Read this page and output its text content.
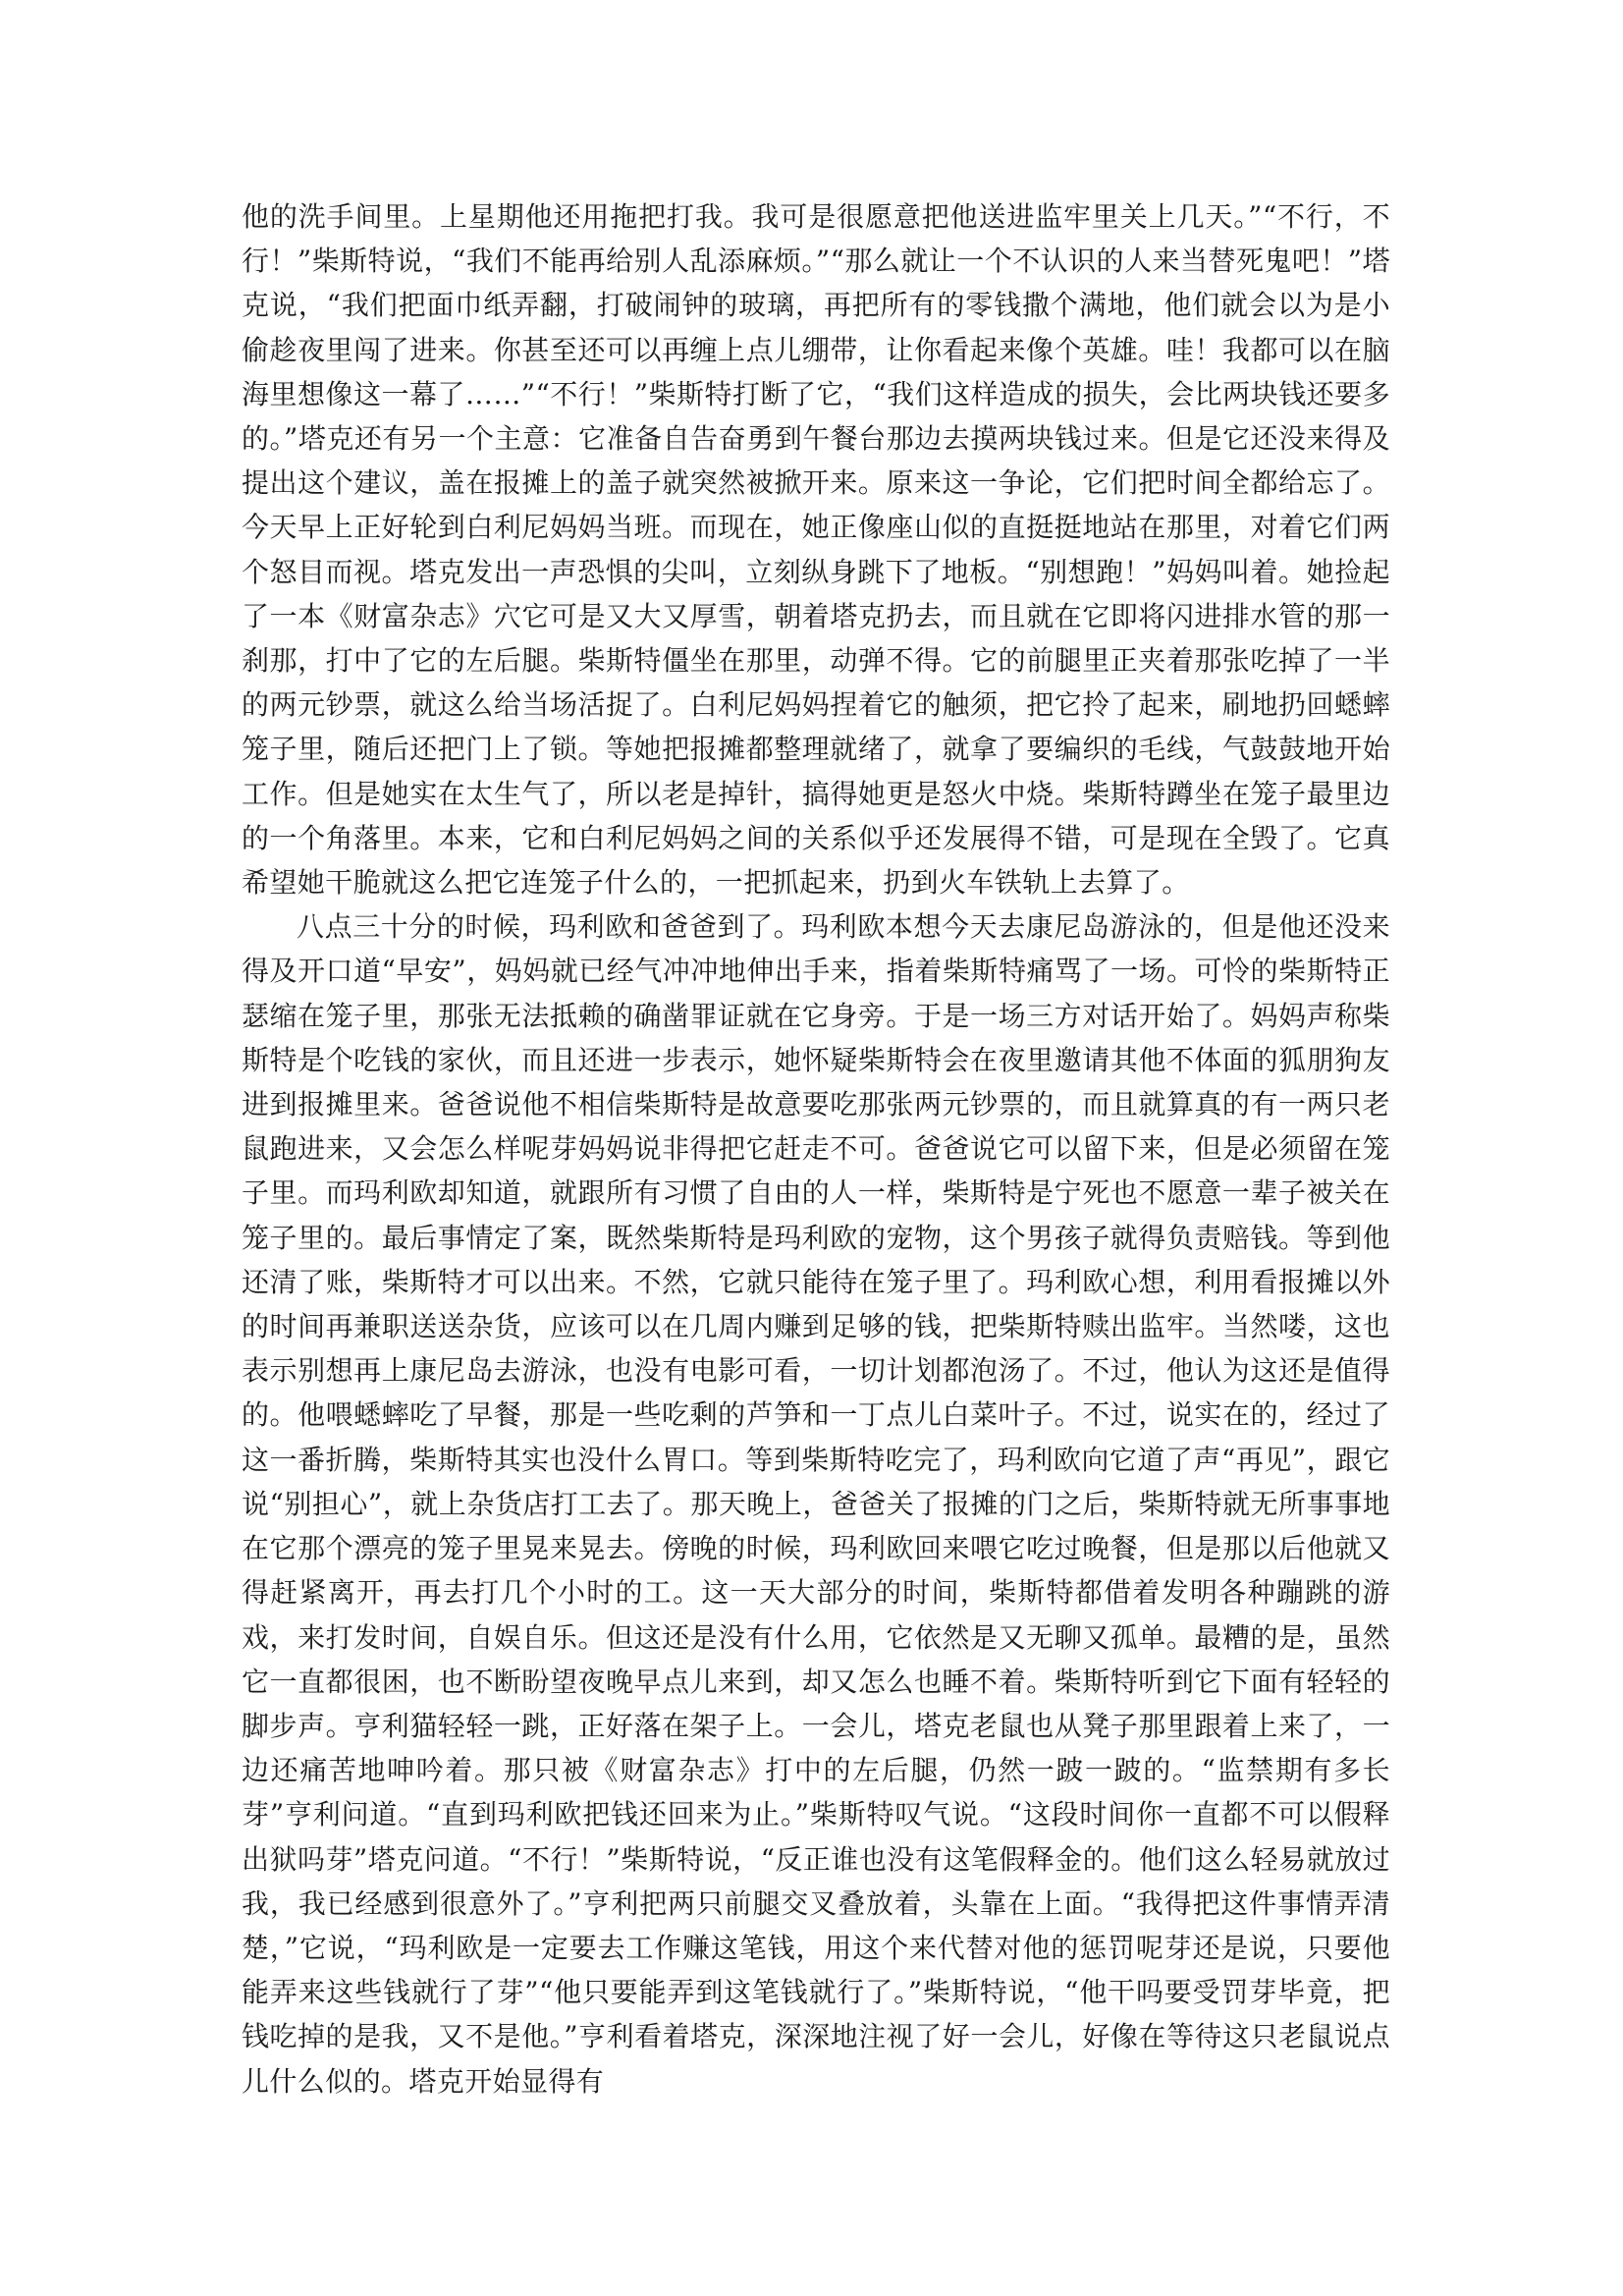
他的洗手间里。上星期他还用拖把打我。我可是很愿意把他送进监牢里关上几天。”“不行，不行！”柴斯特说，“我们不能再给别人乱添麻烦。”“那么就让一个不认识的人来当替死鬼吧！”塔克说，“我们把面巾纸弄翻，打破闹钟的玻璃，再把所有的零钱撒个满地，他们就会以为是小偷趁夜里闯了进来。你甚至还可以再缠上点儿绷带，让你看起来像个英雄。哇！我都可以在脑海里想像这一幕了……”“不行！”柴斯特打断了它，“我们这样造成的损失，会比两块钱还要多的。”塔克还有另一个主意：它准备自告奋勇到午餐台那边去摸两块钱过来。但是它还没来得及提出这个建议，盖在报摊上的盖子就突然被掀开来。原来这一争论，它们把时间全都给忘了。今天早上正好轮到白利尼妈妈当班。而现在，她正像座山似的直挺挺地站在那里，对着它们两个怒目而视。塔克发出一声恐惧的尖叫，立刻纵身跳下了地板。“别想跑！”妈妈叫着。她捡起了一本《财富杂志》穴它可是又大又厚雪，朝着塔克扔去，而且就在它即将闪进排水管的那一刹那，打中了它的左后腿。柴斯特僵坐在那里，动弹不得。它的前腿里正夹着那张吃掉了一半的两元钞票，就这么给当场活捉了。白利尼妈妈捏着它的触须，把它拎了起来，刷地扔回蟋蟀笼子里，随后还把门上了锁。等她把报摊都整理就绪了，就拿了要编织的毛线，气鼓鼓地开始工作。但是她实在太生气了，所以老是掉针，搞得她更是怒火中烧。柴斯特蹲坐在笼子最里边的一个角落里。本来，它和白利尼妈妈之间的关系似乎还发展得不错，可是现在全毁了。它真希望她干脆就这么把它连笼子什么的，一把抓起来，扔到火车铁轨上去算了。

八点三十分的时候，玛利欧和爸爸到了。玛利欧本想今天去康尼岛游泳的，但是他还没来得及开口道“早安”，妈妈就已经气冲冲地伸出手来，指着柴斯特痛骂了一场。可怜的柴斯特正瑟缩在笼子里，那张无法抵赖的确凿罪证就在它身旁。于是一场三方对话开始了。妈妈声称柴斯特是个吃钱的家伙，而且还进一步表示，她怀疑柴斯特会在夜里邀请其他不体面的狐朋狗友进到报摊里来。爸爸说他不相信柴斯特是故意要吃那张两元钞票的，而且就算真的有一两只老鼠跑进来，又会怎么样呢芽妈妈说非得把它赶走不可。爸爸说它可以留下来，但是必须留在笼子里。而玛利欧却知道，就跟所有习惯了自由的人一样，柴斯特是宁死也不愿意一辈子被关在笼子里的。最后事情定了案，既然柴斯特是玛利欧的宠物，这个男孩子就得负责赔钱。等到他还清了账，柴斯特才可以出来。不然，它就只能待在笼子里了。玛利欧心想，利用看报摊以外的时间再兼职送送杂货，应该可以在几周内赚到足够的钱，把柴斯特赎出监牢。当然喽，这也表示别想再上康尼岛去游泳，也没有电影可看，一切计划都泡汤了。不过，他认为这还是值得的。他喂蟋蟀吃了早餐，那是一些吃剩的芦笋和一丁点儿白菜叶子。不过，说实在的，经过了这一番折腾，柴斯特其实也没什么胃口。等到柴斯特吃完了，玛利欧向它道了声“再见”，跟它说“别担心”，就上杂货店打工去了。那天晚上，爸爸关了报摊的门之后，柴斯特就无所事事地在它那个漂亮的笼子里晃来晃去。傍晚的时候，玛利欧回来喂它吃过晚餐，但是那以后他就又得赶紧离开，再去打几个小时的工。这一天大部分的时间，柴斯特都借着发明各种蹦跳的游戏，来打发时间，自娱自乐。但这还是没有什么用，它依然是又无聊又孤单。最糟的是，虽然它一直都很困，也不断盼望夜晚早点儿来到，却又怎么也睡不着。柴斯特听到它下面有轻轻的脚步声。亨利猫轻轻一跳，正好落在架子上。一会儿，塔克老鼠也从凳子那里跟着上来了，一边还痛苦地呻吟着。那只被《财富杂志》打中的左后腿，仍然一跛一跛的。“监禁期有多长芽”亨利问道。“直到玛利欧把钱还回来为止。”柴斯特叹气说。“这段时间你一直都不可以假释出狱吗芽”塔克问道。“不行！”柴斯特说，“反正谁也没有这笔假释金的。他们这么轻易就放过我，我已经感到很意外了。”亨利把两只前腿交叉叠放着，头靠在上面。“我得把这件事情弄清楚，”它说，“玛利欧是一定要去工作赚这笔钱，用这个来代替对他的惩罚呢芽还是说，只要他能弄来这些钱就行了芽”“他只要能弄到这笔钱就行了。”柴斯特说，“他干吗要受罚芽毕竟，把钱吃掉的是我，又不是他。”亨利看着塔克，深深地注视了好一会儿，好像在等待这只老鼠说点儿什么似的。塔克开始显得有
